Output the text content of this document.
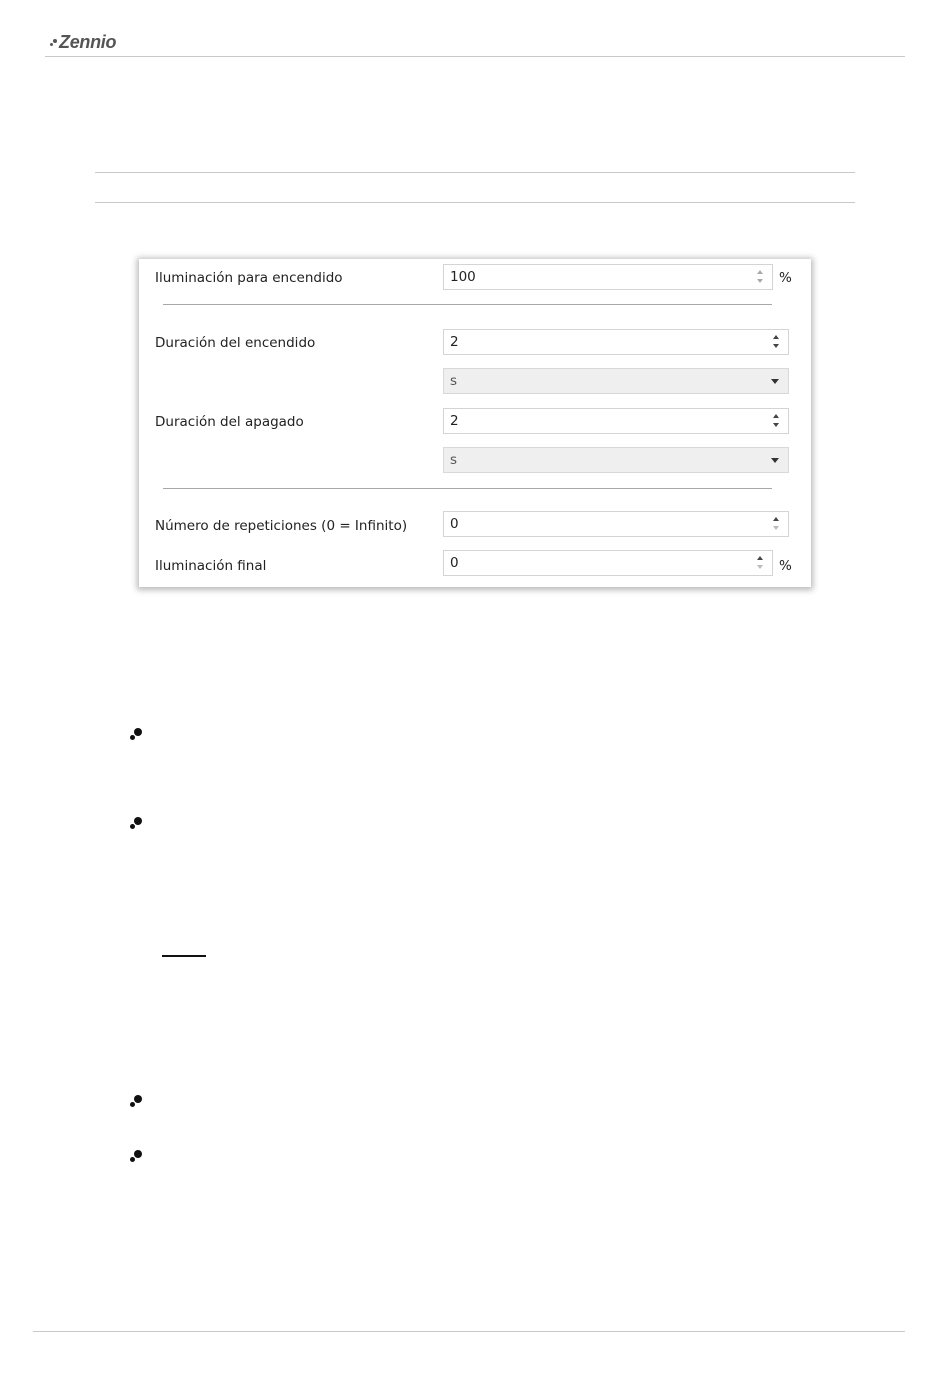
Zennio
Iluminación para encendido	100	%
Duración del encendido	2
s
Duración del apagado	2
s
Número de repeticiones (0 = Infinito)	0
Iluminación final	0	%
